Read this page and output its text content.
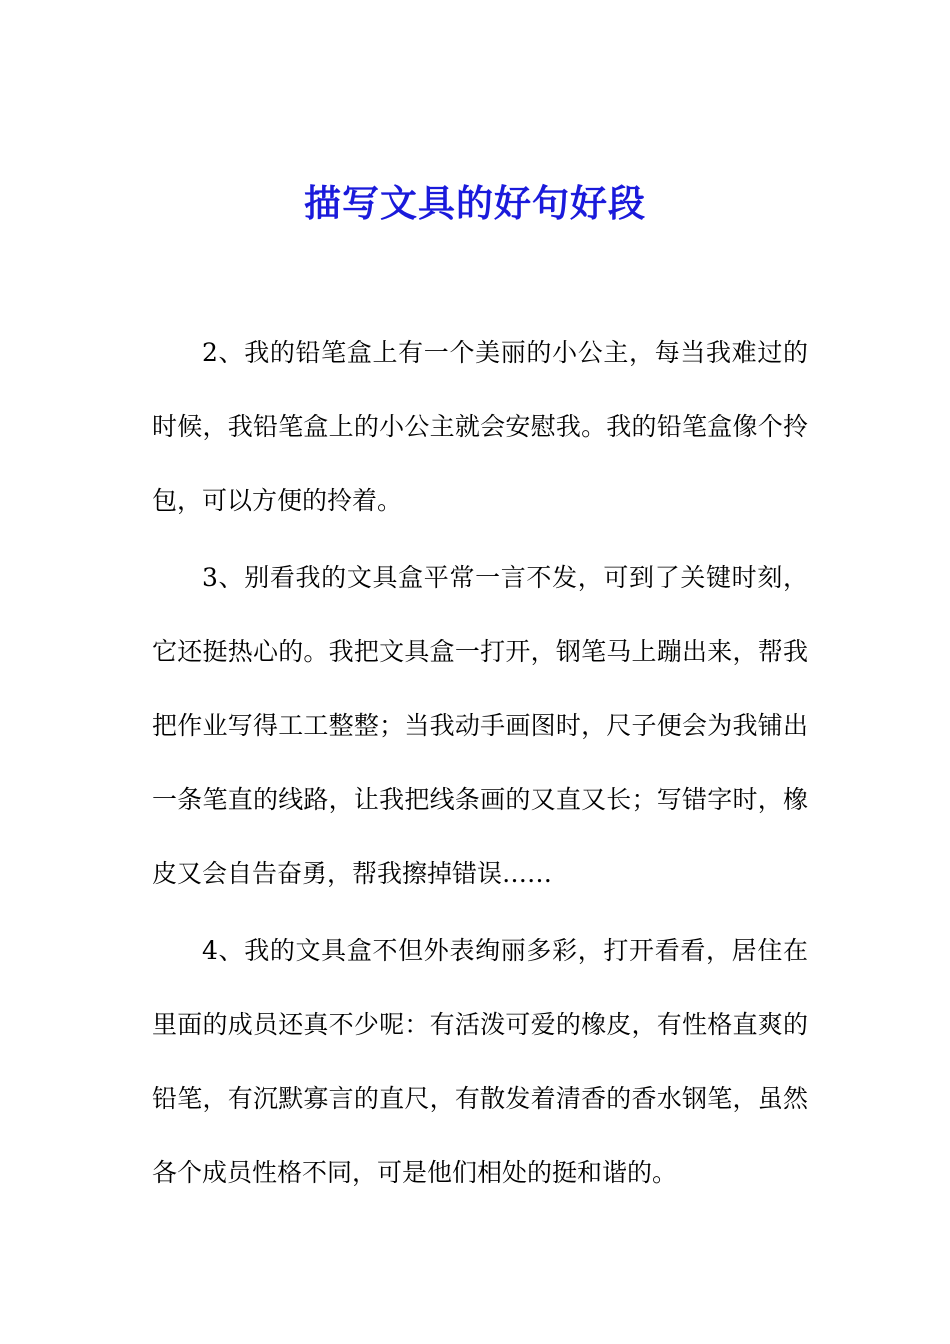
描写文具的好句好段

2、我的铅笔盒上有一个美丽的小公主，每当我难过的时候，我铅笔盒上的小公主就会安慰我。我的铅笔盒像个拎包，可以方便的拎着。

3、别看我的文具盒平常一言不发，可到了关键时刻，它还挺热心的。我把文具盒一打开，钢笔马上蹦出来，帮我把作业写得工工整整；当我动手画图时，尺子便会为我铺出一条笔直的线路，让我把线条画的又直又长；写错字时，橡皮又会自告奋勇，帮我擦掉错误……

4、我的文具盒不但外表绚丽多彩，打开看看，居住在里面的成员还真不少呢：有活泼可爱的橡皮，有性格直爽的铅笔，有沉默寡言的直尺，有散发着清香的香水钢笔，虽然各个成员性格不同，可是他们相处的挺和谐的。
